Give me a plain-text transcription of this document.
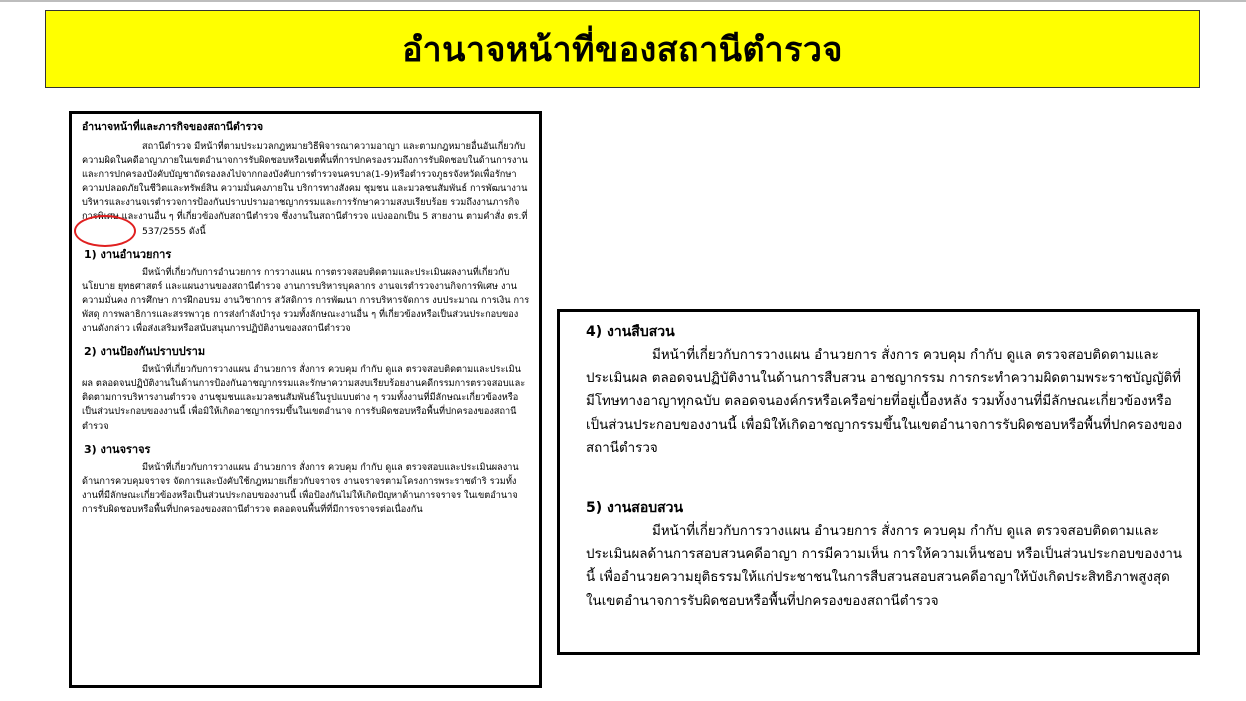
อำนาจหน้าที่ของสถานีตำรวจ
อำนาจหน้าที่และภารกิจของสถานีตำรวจ

สถานีตำรวจ มีหน้าที่ตามประมวลกฎหมายวิธีพิจารณาความอาญา และตามกฎหมายอื่นอันเกี่ยวกับความผิดในคดีอาญาภายในเขตอำนาจการรับผิดชอบหรือเขตพื้นที่การปกครองรวมถึงการรับผิดชอบในด้านการงานและการปกครองบังคับบัญชาถัดรองลงไปจากกองบังคับการตำรวจนครบาล(1-9)หรือตำรวจภูธรจังหวัดเพื่อรักษาความปลอดภัยในชีวิตและทรัพย์สิน ความมั่นคงภายใน บริการทางสังคม ชุมชน และมวลชนสัมพันธ์ การพัฒนางานบริหารและงานจเรตำรวจการป้องกันปราบปรามอาชญากรรมและการรักษาความสงบเรียบร้อย รวมถึงงานภารกิจการพิเศษ และงานอื่น ๆ ที่เกี่ยวข้องกับสถานีตำรวจ ซึ่งงานในสถานีตำรวจ แบ่งออกเป็น 5 สายงาน ตามคำสั่ง ตร.ที่
537/2555 ดังนี้

1) งานอำนวยการ

มีหน้าที่เกี่ยวกับการอำนวยการ การวางแผน การตรวจสอบติดตามและประเมินผลงานที่เกี่ยวกับนโยบาย ยุทธศาสตร์ และแผนงานของสถานีตำรวจ งานการบริหารบุคลากร งานจเรตำรวจงานกิจการพิเศษ งานความมั่นคง การศึกษา การฝึกอบรม งานวิชาการ สวัสดิการ การพัฒนา การบริหารจัดการ งบประมาณ การเงิน การพัสดุ การพลาธิการและสรรพาวุธ การส่งกำลังบำรุง รวมทั้งลักษณะงานอื่น ๆ ที่เกี่ยวข้องหรือเป็นส่วนประกอบของงานดังกล่าว เพื่อส่งเสริมหรือสนับสนุนการปฏิบัติงานของสถานีตำรวจ

2) งานป้องกันปราบปราม

มีหน้าที่เกี่ยวกับการวางแผน อำนวยการ สั่งการ ควบคุม กำกับ ดูแล ตรวจสอบติดตามและประเมินผล ตลอดจนปฏิบัติงานในด้านการป้องกันอาชญากรรมและรักษาความสงบเรียบร้อยงานคดีกรรมการตรวจสอบและติดตามการบริหารงานตำรวจ งานชุมชนและมวลชนสัมพันธ์ในรูปแบบต่าง ๆ รวมทั้งงานที่มีลักษณะเกี่ยวข้องหรือเป็นส่วนประกอบของงานนี้ เพื่อมิให้เกิดอาชญากรรมขึ้นในเขตอำนาจ การรับผิดชอบหรือพื้นที่ปกครองของสถานีตำรวจ

3) งานจราจร

มีหน้าที่เกี่ยวกับการวางแผน อำนวยการ สั่งการ ควบคุม กำกับ ดูแล ตรวจสอบและประเมินผลงานด้านการควบคุมจราจร จัดการและบังคับใช้กฎหมายเกี่ยวกับจราจร งานจราจรตามโครงการพระราชดำริ รวมทั้งงานที่มีลักษณะเกี่ยวข้องหรือเป็นส่วนประกอบของงานนี้ เพื่อป้องกันไม่ให้เกิดปัญหาด้านการจราจร ในเขตอำนาจการรับผิดชอบหรือพื้นที่ปกครองของสถานีตำรวจ ตลอดจนพื้นที่ที่มีการจราจรต่อเนื่องกัน

4) งานสืบสวน

มีหน้าที่เกี่ยวกับการวางแผน อำนวยการ สั่งการ ควบคุม กำกับ ดูแล ตรวจสอบติดตามและประเมินผล ตลอดจนปฏิบัติงานในด้านการสืบสวน อาชญากรรม การกระทำความผิดตามพระราชบัญญัติที่มีโทษทางอาญาทุกฉบับ ตลอดจนองค์กรหรือเครือข่ายที่อยู่เบื้องหลัง รวมทั้งงานที่มีลักษณะเกี่ยวข้องหรือเป็นส่วนประกอบของงานนี้ เพื่อมิให้เกิดอาชญากรรมขึ้นในเขตอำนาจการรับผิดชอบหรือพื้นที่ปกครองของสถานีตำรวจ

5) งานสอบสวน

มีหน้าที่เกี่ยวกับการวางแผน อำนวยการ สั่งการ ควบคุม กำกับ ดูแล ตรวจสอบติดตามและประเมินผลด้านการสอบสวนคดีอาญา การมีความเห็น การให้ความเห็นชอบ หรือเป็นส่วนประกอบของงานนี้ เพื่ออำนวยความยุติธรรมให้แก่ประชาชนในการสืบสวนสอบสวนคดีอาญาให้บังเกิดประสิทธิภาพสูงสุดในเขตอำนาจการรับผิดชอบหรือพื้นที่ปกครองของสถานีตำรวจ
